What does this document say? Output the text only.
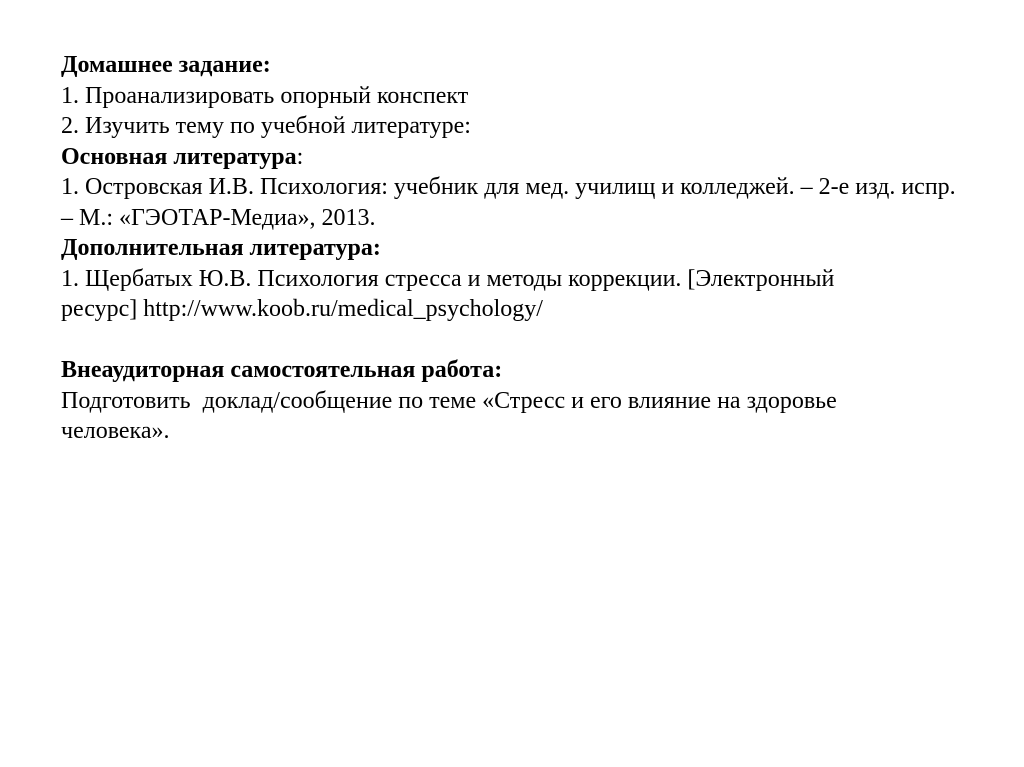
Домашнее задание:
1. Проанализировать опорный конспект
2. Изучить тему по учебной литературе:
Основная литература:
1. Островская И.В. Психология: учебник для мед. училищ и колледжей. – 2-е изд. испр. – М.: «ГЭОТАР-Медиа», 2013.
Дополнительная литература:
1. Щербатых Ю.В. Психология стресса и методы коррекции. [Электронный ресурс] http://www.koob.ru/medical_psychology/
Внеаудиторная самостоятельная работа:
Подготовить  доклад/сообщение по теме «Стресс и его влияние на здоровье человека».
